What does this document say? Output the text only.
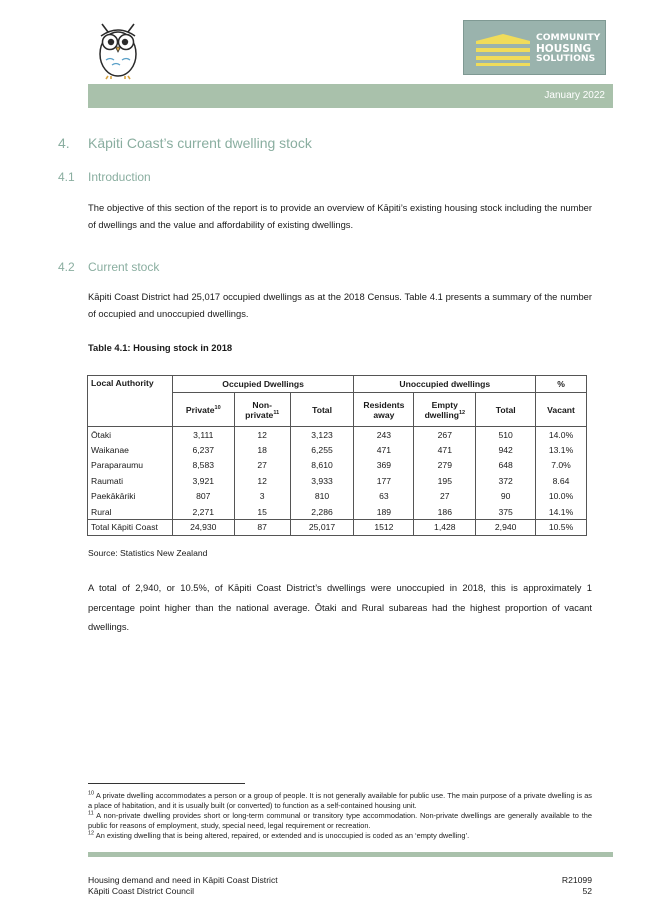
COMMUNITY
HOUSING
SOLUTIONS
January 2022
4. Kāpiti Coast’s current dwelling stock
4.1 Introduction

The objective of this section of the report is to provide an overview of Kāpiti’s existing housing stock including the number of dwellings and the value and affordability of existing dwellings.

4.2 Current stock

Kāpiti Coast District had 25,017 occupied dwellings as at the 2018 Census. Table 4.1 presents a summary of the number of occupied and unoccupied dwellings.

Table 4.1: Housing stock in 2018
Local Authority	Occupied Dwellings			Unoccupied dwellings			%
	Private$^{10}$	Non-private$^{11}$	Total	Residents away	Empty dwelling$^{12}$	Total	Vacant
Ōtaki	3,111	12	3,123	243	267	510	14.0%
Waikanae	6,237	18	6,255	471	471	942	13.1%
Paraparaumu	8,583	27	8,610	369	279	648	7.0%
Raumati	3,921	12	3,933	177	195	372	8.64
Paekākāriki	807	3	810	63	27	90	10.0%
Rural	2,271	15	2,286	189	186	375	14.1%
Total Kāpiti Coast	24,930	87	25,017	1512	1,428	2,940	10.5%
Source: Statistics New Zealand

A total of 2,940, or 10.5%, of Kāpiti Coast District’s dwellings were unoccupied in 2018, this is approximately 1 percentage point higher than the national average. Ōtaki and Rural subareas had the highest proportion of vacant dwellings.

$^{10}$ A private dwelling accommodates a person or a group of people. It is not generally available for public use. The main purpose of a private dwelling is as a place of habitation, and it is usually built (or converted) to function as a self-contained housing unit.

$^{11}$ A non-private dwelling provides short or long-term communal or transitory type accommodation. Non-private dwellings are generally available to the public for reasons of employment, study, special need, legal requirement or recreation.

$^{12}$ An existing dwelling that is being altered, repaired, or extended and is unoccupied is coded as an ‘empty dwelling’.

Housing demand and need in Kāpiti Coast District
Kāpiti Coast District Council
R21099
52
